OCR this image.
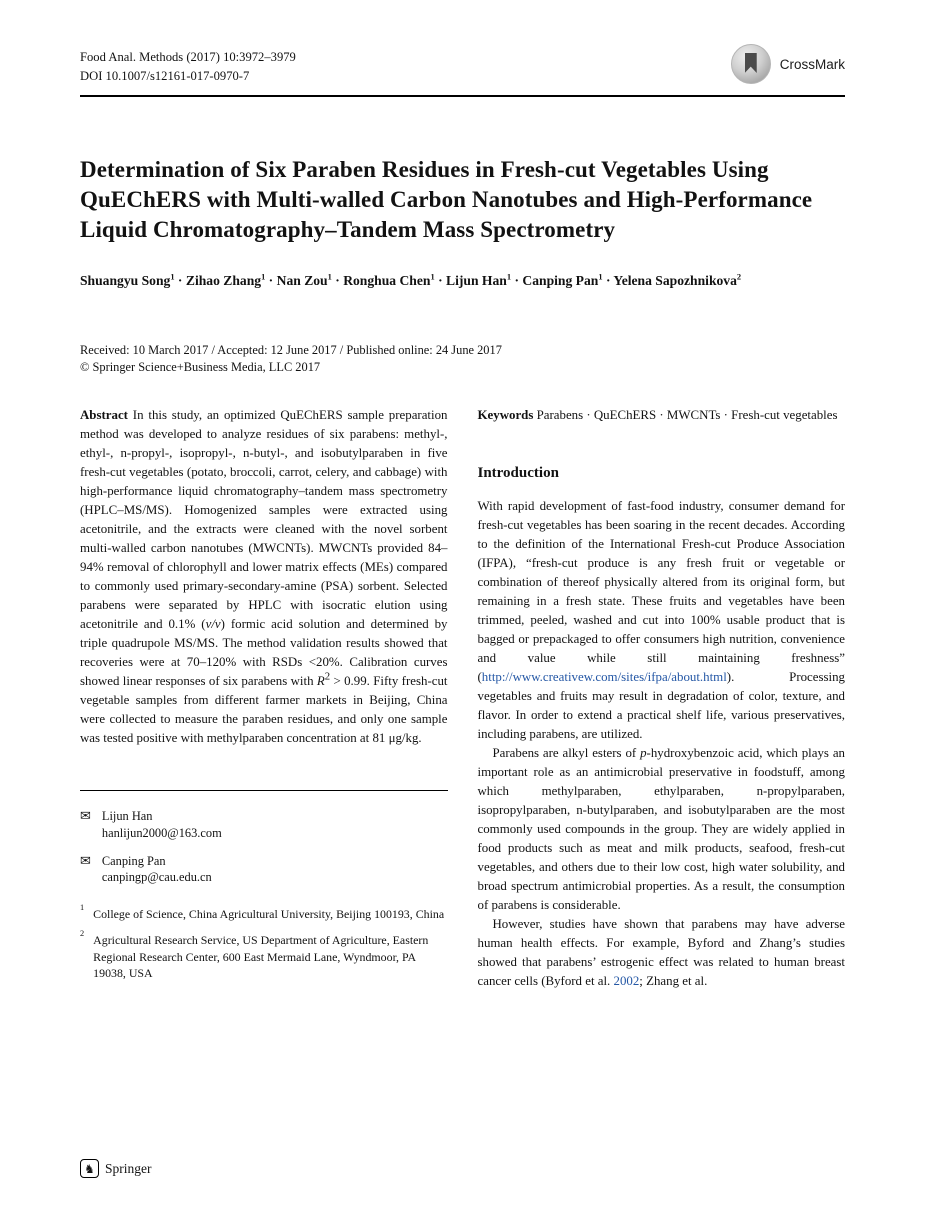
Food Anal. Methods (2017) 10:3972–3979
DOI 10.1007/s12161-017-0970-7
CrossMark
Determination of Six Paraben Residues in Fresh-cut Vegetables Using QuEChERS with Multi-walled Carbon Nanotubes and High-Performance Liquid Chromatography–Tandem Mass Spectrometry
Shuangyu Song$^1$ · Zihao Zhang$^1$ · Nan Zou$^1$ · Ronghua Chen$^1$ · Lijun Han$^1$ · Canping Pan$^1$ · Yelena Sapozhnikova$^2$
Received: 10 March 2017 / Accepted: 12 June 2017 / Published online: 24 June 2017
© Springer Science+Business Media, LLC 2017

Abstract In this study, an optimized QuEChERS sample preparation method was developed to analyze residues of six parabens: methyl-, ethyl-, n-propyl-, isopropyl-, n-butyl-, and isobutylparaben in five fresh-cut vegetables (potato, broccoli, carrot, celery, and cabbage) with high-performance liquid chromatography–tandem mass spectrometry (HPLC–MS/MS). Homogenized samples were extracted using acetonitrile, and the extracts were cleaned with the novel sorbent multi-walled carbon nanotubes (MWCNTs). MWCNTs provided 84–94% removal of chlorophyll and lower matrix effects (MEs) compared to commonly used primary-secondary-amine (PSA) sorbent. Selected parabens were separated by HPLC with isocratic elution using acetonitrile and 0.1% (v/v) formic acid solution and determined by triple quadrupole MS/MS. The method validation results showed that recoveries were at 70–120% with RSDs <20%. Calibration curves showed linear responses of six parabens with $R^2 > 0.99$. Fifty fresh-cut vegetable samples from different farmer markets in Beijing, China were collected to measure the paraben residues, and only one sample was tested positive with methylparaben concentration at 81 μg/kg.

✉ Lijun Han
hanlijun2000@163.com
✉ Canping Pan
canpingp@cau.edu.cn
1 College of Science, China Agricultural University, Beijing 100193, China
2 Agricultural Research Service, US Department of Agriculture, Eastern Regional Research Center, 600 East Mermaid Lane, Wyndmoor, PA 19038, USA

Keywords Parabens · QuEChERS · MWCNTs · Fresh-cut vegetables

Introduction

With rapid development of fast-food industry, consumer demand for fresh-cut vegetables has been soaring in the recent decades. According to the definition of the International Fresh-cut Produce Association (IFPA), “fresh-cut produce is any fresh fruit or vegetable or combination of thereof physically altered from its original form, but remaining in a fresh state. These fruits and vegetables have been trimmed, peeled, washed and cut into 100% usable product that is bagged or prepackaged to offer consumers high nutrition, convenience and value while still maintaining freshness” (http://www.creativew.com/sites/ifpa/about.html). Processing vegetables and fruits may result in degradation of color, texture, and flavor. In order to extend a practical shelf life, various preservatives, including parabens, are utilized.

Parabens are alkyl esters of p-hydroxybenzoic acid, which plays an important role as an antimicrobial preservative in foodstuff, among which methylparaben, ethylparaben, n-propylparaben, isopropylparaben, n-butylparaben, and isobutylparaben are the most commonly used compounds in the group. They are widely applied in food products such as meat and milk products, seafood, fresh-cut vegetables, and others due to their low cost, high water solubility, and broad spectrum antimicrobial properties. As a result, the consumption of parabens is considerable.

However, studies have shown that parabens may have adverse human health effects. For example, Byford and Zhang’s studies showed that parabens’ estrogenic effect was related to human breast cancer cells (Byford et al. 2002; Zhang et al.

♞ Springer
